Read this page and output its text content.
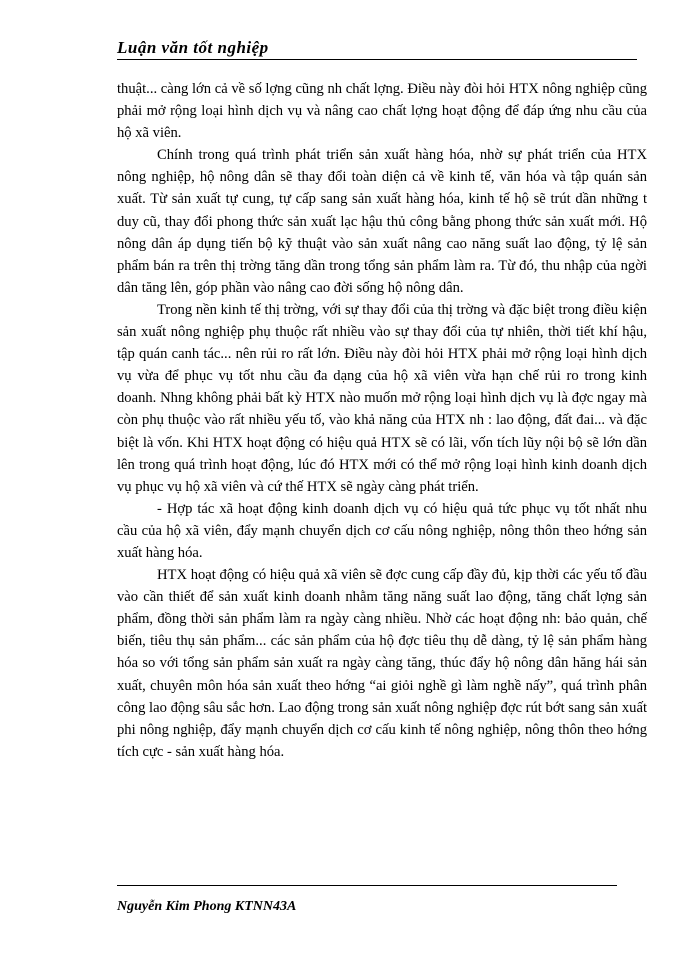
Luận văn tốt nghiệp

thuật... càng lớn cả về số lợng cũng nh chất lợng. Điều này đòi hỏi HTX nông nghiệp cũng phải mở rộng loại hình dịch vụ và nâng cao chất lợng hoạt động để đáp ứng nhu cầu của hộ xã viên.

Chính trong quá trình phát triển sản xuất hàng hóa, nhờ sự phát triển của HTX nông nghiệp, hộ nông dân sẽ thay đổi toàn diện cả về kinh tế, văn hóa và tập quán sản xuất. Từ sản xuất tự cung, tự cấp sang sản xuất hàng hóa, kinh tế hộ sẽ trút dần những t duy cũ, thay đổi phong thức sản xuất lạc hậu thủ công bằng phong thức sản xuất mới. Hộ nông dân áp dụng tiến bộ kỹ thuật vào sản xuất nâng cao năng suất lao động, tỷ lệ sản phẩm bán ra trên thị trờng tăng dần trong tổng sản phẩm làm ra. Từ đó, thu nhập của ngời dân tăng lên, góp phần vào nâng cao đời sống hộ nông dân.

Trong nền kinh tế thị trờng, với sự thay đổi của thị trờng và đặc biệt trong điều kiện sản xuất nông nghiệp phụ thuộc rất nhiều vào sự thay đổi của tự nhiên, thời tiết khí hậu, tập quán canh tác... nên rủi ro rất lớn. Điều này đòi hỏi HTX phải mở rộng loại hình dịch vụ vừa để phục vụ tốt nhu cầu đa dạng của hộ xã viên vừa hạn chế rủi ro trong kinh doanh. Nhng không phải bất kỳ HTX nào muốn mở rộng loại hình dịch vụ là đợc ngay mà còn phụ thuộc vào rất nhiều yếu tố, vào khả năng của HTX nh : lao động, đất đai... và đặc biệt là vốn. Khi HTX hoạt động có hiệu quả HTX sẽ có lãi, vốn tích lũy nội bộ sẽ lớn dần lên trong quá trình hoạt động, lúc đó HTX mới có thể mở rộng loại hình kinh doanh dịch vụ phục vụ hộ xã viên và cứ thế HTX sẽ ngày càng phát triển.

- Hợp tác xã hoạt động kinh doanh dịch vụ có hiệu quả tức phục vụ tốt nhất nhu cầu của hộ xã viên, đẩy mạnh chuyển dịch cơ cấu nông nghiệp, nông thôn theo hớng sản xuất hàng hóa.

HTX hoạt động có hiệu quả xã viên sẽ đợc cung cấp đầy đủ, kịp thời các yếu tố đầu vào cần thiết để sản xuất kinh doanh nhằm tăng năng suất lao động, tăng chất lợng sản phẩm, đồng thời sản phẩm làm ra ngày càng nhiều. Nhờ các hoạt động nh: bảo quản, chế biến, tiêu thụ sản phẩm... các sản phẩm của hộ đợc tiêu thụ dễ dàng, tỷ lệ sản phẩm hàng hóa so với tổng sản phẩm sản xuất ra ngày càng tăng, thúc đẩy hộ nông dân hăng hái sản xuất, chuyên môn hóa sản xuất theo hớng “ai giỏi nghề gì làm nghề nấy”, quá trình phân công lao động sâu sắc hơn. Lao động trong sản xuất nông nghiệp đợc rút bớt sang sản xuất phi nông nghiệp, đẩy mạnh chuyển dịch cơ cấu kinh tế nông nghiệp, nông thôn theo hớng tích cực - sản xuất hàng hóa.

Nguyễn Kim Phong KTNN43A
